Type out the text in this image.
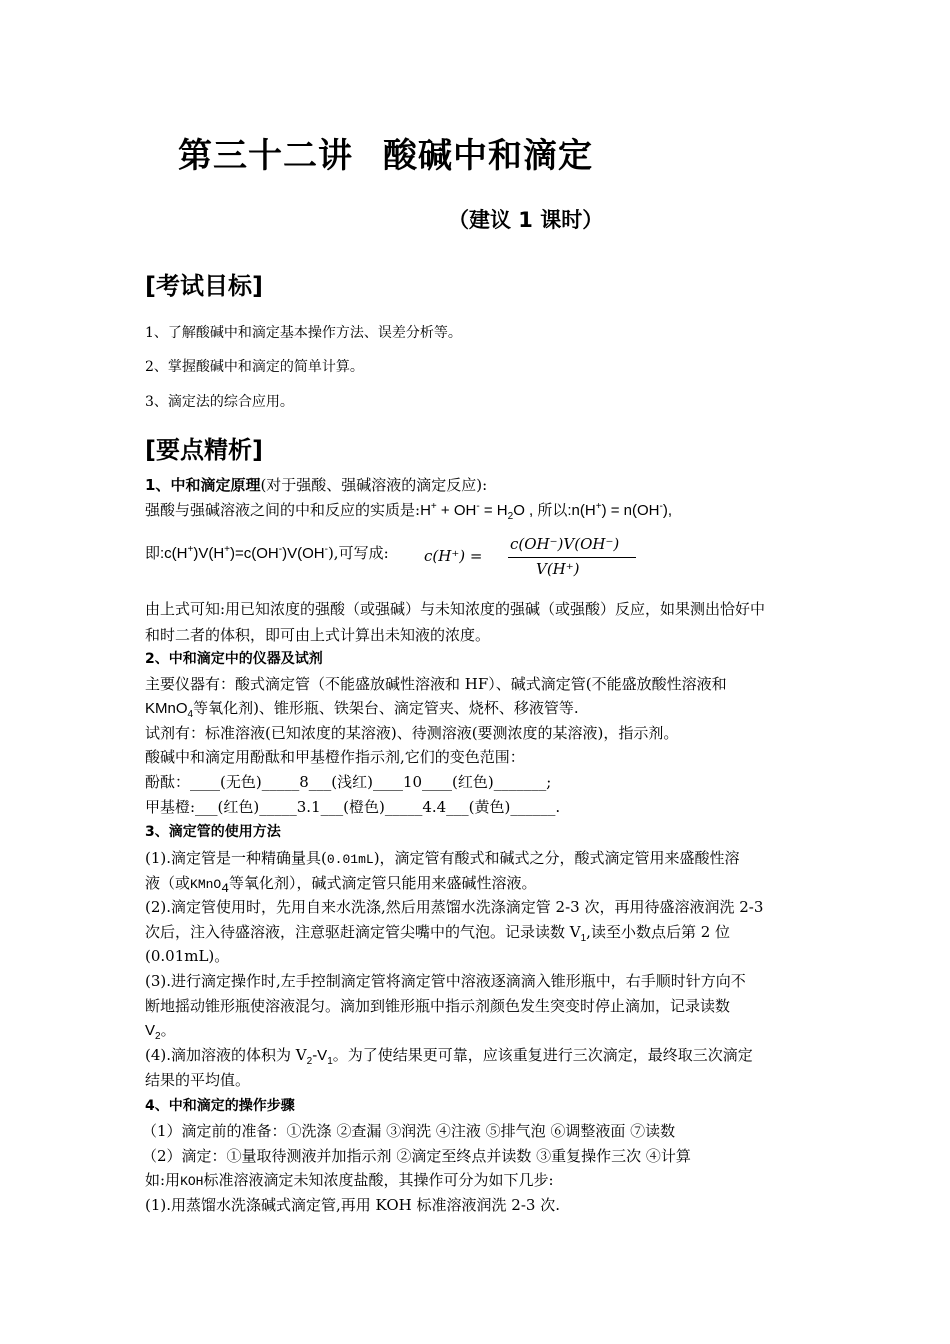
第三十二讲 酸碱中和滴定
（建议 1 课时）
[考试目标]
1、了解酸碱中和滴定基本操作方法、误差分析等。
2、掌握酸碱中和滴定的简单计算。
3、滴定法的综合应用。
[要点精析]
1、中和滴定原理(对于强酸、强碱溶液的滴定反应):
强酸与强碱溶液之间的中和反应的实质是:H+ + $OH^- = H_2O$ , 所以:n(H+) = n(OH-),
即:c(H+)V(H+)=c(OH-)V(OH-),可写成: c(H⁺) =
c(OH⁻)V(OH⁻)
V(H⁺)
由上式可知:用已知浓度的强酸（或强碱）与未知浓度的强碱（或强酸）反应，如果测出恰好中
和时二者的体积，即可由上式计算出未知液的浓度。
2、中和滴定中的仪器及试剂
主要仪器有：酸式滴定管（不能盛放碱性溶液和 HF）、碱式滴定管(不能盛放酸性溶液和
KMnO$_4$等氧化剂)、锥形瓶、铁架台、滴定管夹、烧杯、移液管等.
试剂有：标准溶液(已知浓度的某溶液)、待测溶液(要测浓度的某溶液)，指示剂。
酸碱中和滴定用酚酞和甲基橙作指示剂,它们的变色范围：
酚酞：____(无色)_____8___(浅红)____10____(红色)_______;
甲基橙:___(红色)_____3.1___(橙色)_____4.4___(黄色)______.
3、滴定管的使用方法
(1).滴定管是一种精确量具(0.01mL)，滴定管有酸式和碱式之分，酸式滴定管用来盛酸性溶
液（或KMnO$_4$等氧化剂），碱式滴定管只能用来盛碱性溶液。
(2).滴定管使用时，先用自来水洗涤,然后用蒸馏水洗涤滴定管 2-3 次，再用待盛溶液润洗 2-3
次后，注入待盛溶液，注意驱赶滴定管尖嘴中的气泡。记录读数 $V_1$,读至小数点后第 2 位
(0.01mL)。
(3).进行滴定操作时,左手控制滴定管将滴定管中溶液逐滴滴入锥形瓶中，右手顺时针方向不
断地摇动锥形瓶使溶液混匀。滴加到锥形瓶中指示剂颜色发生突变时停止滴加，记录读数
$V_2$。
(4).滴加溶液的体积为 $V_2-V_1$。为了使结果更可靠，应该重复进行三次滴定，最终取三次滴定
结果的平均值。
4、中和滴定的操作步骤
（1）滴定前的准备：①洗涤 ②查漏 ③润洗 ④注液 ⑤排气泡 ⑥调整液面 ⑦读数
（2）滴定：①量取待测液并加指示剂 ②滴定至终点并读数 ③重复操作三次 ④计算
如:用KOH标准溶液滴定未知浓度盐酸，其操作可分为如下几步:
(1).用蒸馏水洗涤碱式滴定管,再用 KOH 标准溶液润洗 2-3 次.
